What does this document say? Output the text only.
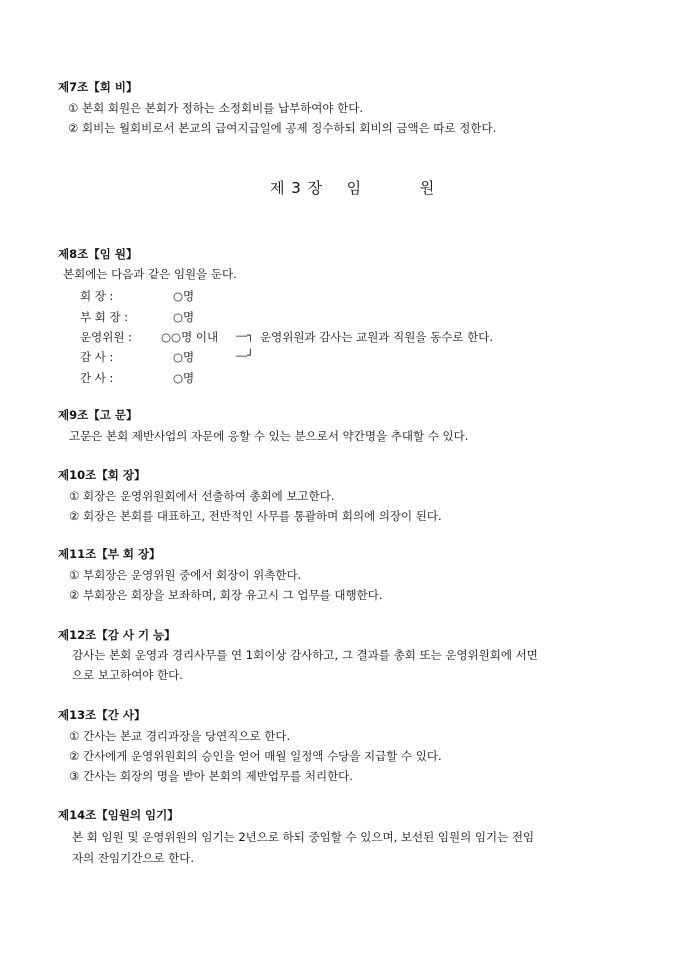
제7조【회 비】
① 본회 회원은 본회가 정하는 소정회비를 납부하여야 한다.
② 회비는 월회비로서 본교의 급여지급일에 공제 징수하되 회비의 금액은 따로 정한다.
제 3 장 임	원
제8조【임 원】
본회에는 다음과 같은 임원을 둔다.
회 장 :	○명
부 회 장 :	○명
운영위원 :	○○명 이내 ―┐ 운영위원과 감사는 교원과 직원을 동수로 한다.
감 사 :	○명	―┘
간 사 :	○명
제9조【고 문】
고문은 본회 제반사업의 자문에 응할 수 있는 분으로서 약간명을 추대할 수 있다.
제10조【회 장】
① 회장은 운영위원회에서 선출하여 총회에 보고한다.
② 회장은 본회를 대표하고, 전반적인 사무를 통괄하며 회의에 의장이 된다.
제11조【부 회 장】
① 부회장은 운영위원 중에서 회장이 위촉한다.
② 부회장은 회장을 보좌하며, 회장 유고시 그 업무를 대행한다.
제12조【감 사 기 능】
감사는 본회 운영과 경리사무를 연 1회이상 감사하고, 그 결과를 총회 또는 운영위원회에 서면
으로 보고하여야 한다.
제13조【간 사】
① 간사는 본교 경리과장을 당연직으로 한다.
② 간사에게 운영위원회의 승인을 얻어 매월 일정액 수당을 지급할 수 있다.
③ 간사는 회장의 명을 받아 본회의 제반업무를 처리한다.
제14조【임원의 임기】
본 회 임원 및 운영위원의 임기는 2년으로 하되 중임할 수 있으며, 보선된 임원의 임기는 전임
자의 잔임기간으로 한다.
